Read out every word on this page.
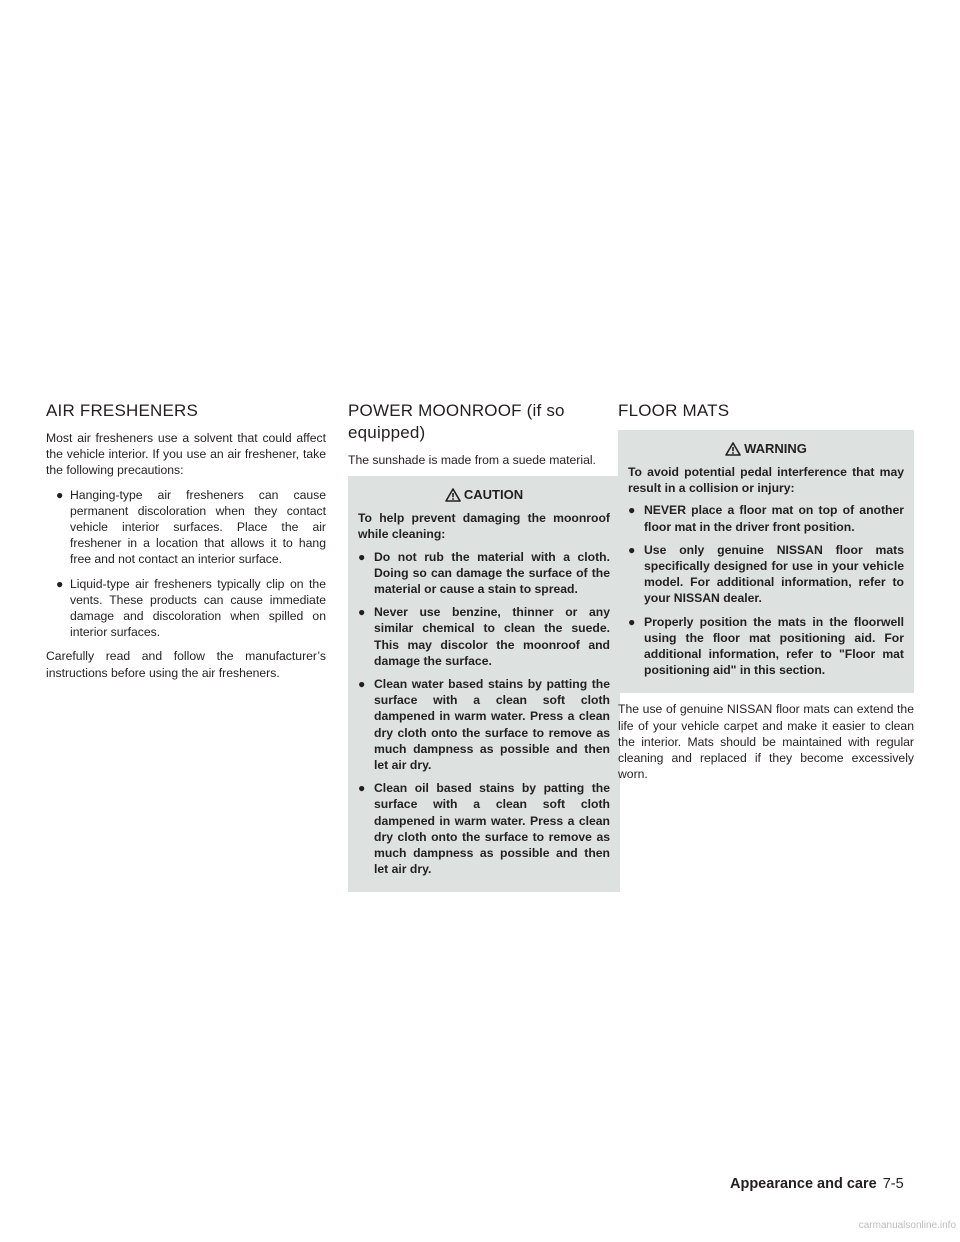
AIR FRESHENERS

Most air fresheners use a solvent that could affect the vehicle interior. If you use an air freshener, take the following precautions:

● Hanging-type air fresheners can cause permanent discoloration when they contact vehicle interior surfaces. Place the air freshener in a location that allows it to hang free and not contact an interior surface.
● Liquid-type air fresheners typically clip on the vents. These products can cause immediate damage and discoloration when spilled on interior surfaces.

Carefully read and follow the manufacturer’s instructions before using the air fresheners.

POWER MOONROOF (if so equipped)

The sunshade is made from a suede material.

CAUTION

To help prevent damaging the moonroof while cleaning:

● Do not rub the material with a cloth. Doing so can damage the surface of the material or cause a stain to spread.
● Never use benzine, thinner or any similar chemical to clean the suede. This may discolor the moonroof and damage the surface.
● Clean water based stains by patting the surface with a clean soft cloth dampened in warm water. Press a clean dry cloth onto the surface to remove as much dampness as possible and then let air dry.
● Clean oil based stains by patting the surface with a clean soft cloth dampened in warm water. Press a clean dry cloth onto the surface to remove as much dampness as possible and then let air dry.
FLOOR MATS
WARNING

To avoid potential pedal interference that may result in a collision or injury:

● NEVER place a floor mat on top of another floor mat in the driver front position.
● Use only genuine NISSAN floor mats specifically designed for use in your vehicle model. For additional information, refer to your NISSAN dealer.
● Properly position the mats in the floorwell using the floor mat positioning aid. For additional information, refer to "Floor mat positioning aid" in this section.

The use of genuine NISSAN floor mats can extend the life of your vehicle carpet and make it easier to clean the interior. Mats should be maintained with regular cleaning and replaced if they become excessively worn.

Appearance and care 7-5
carmanualsonline.info
